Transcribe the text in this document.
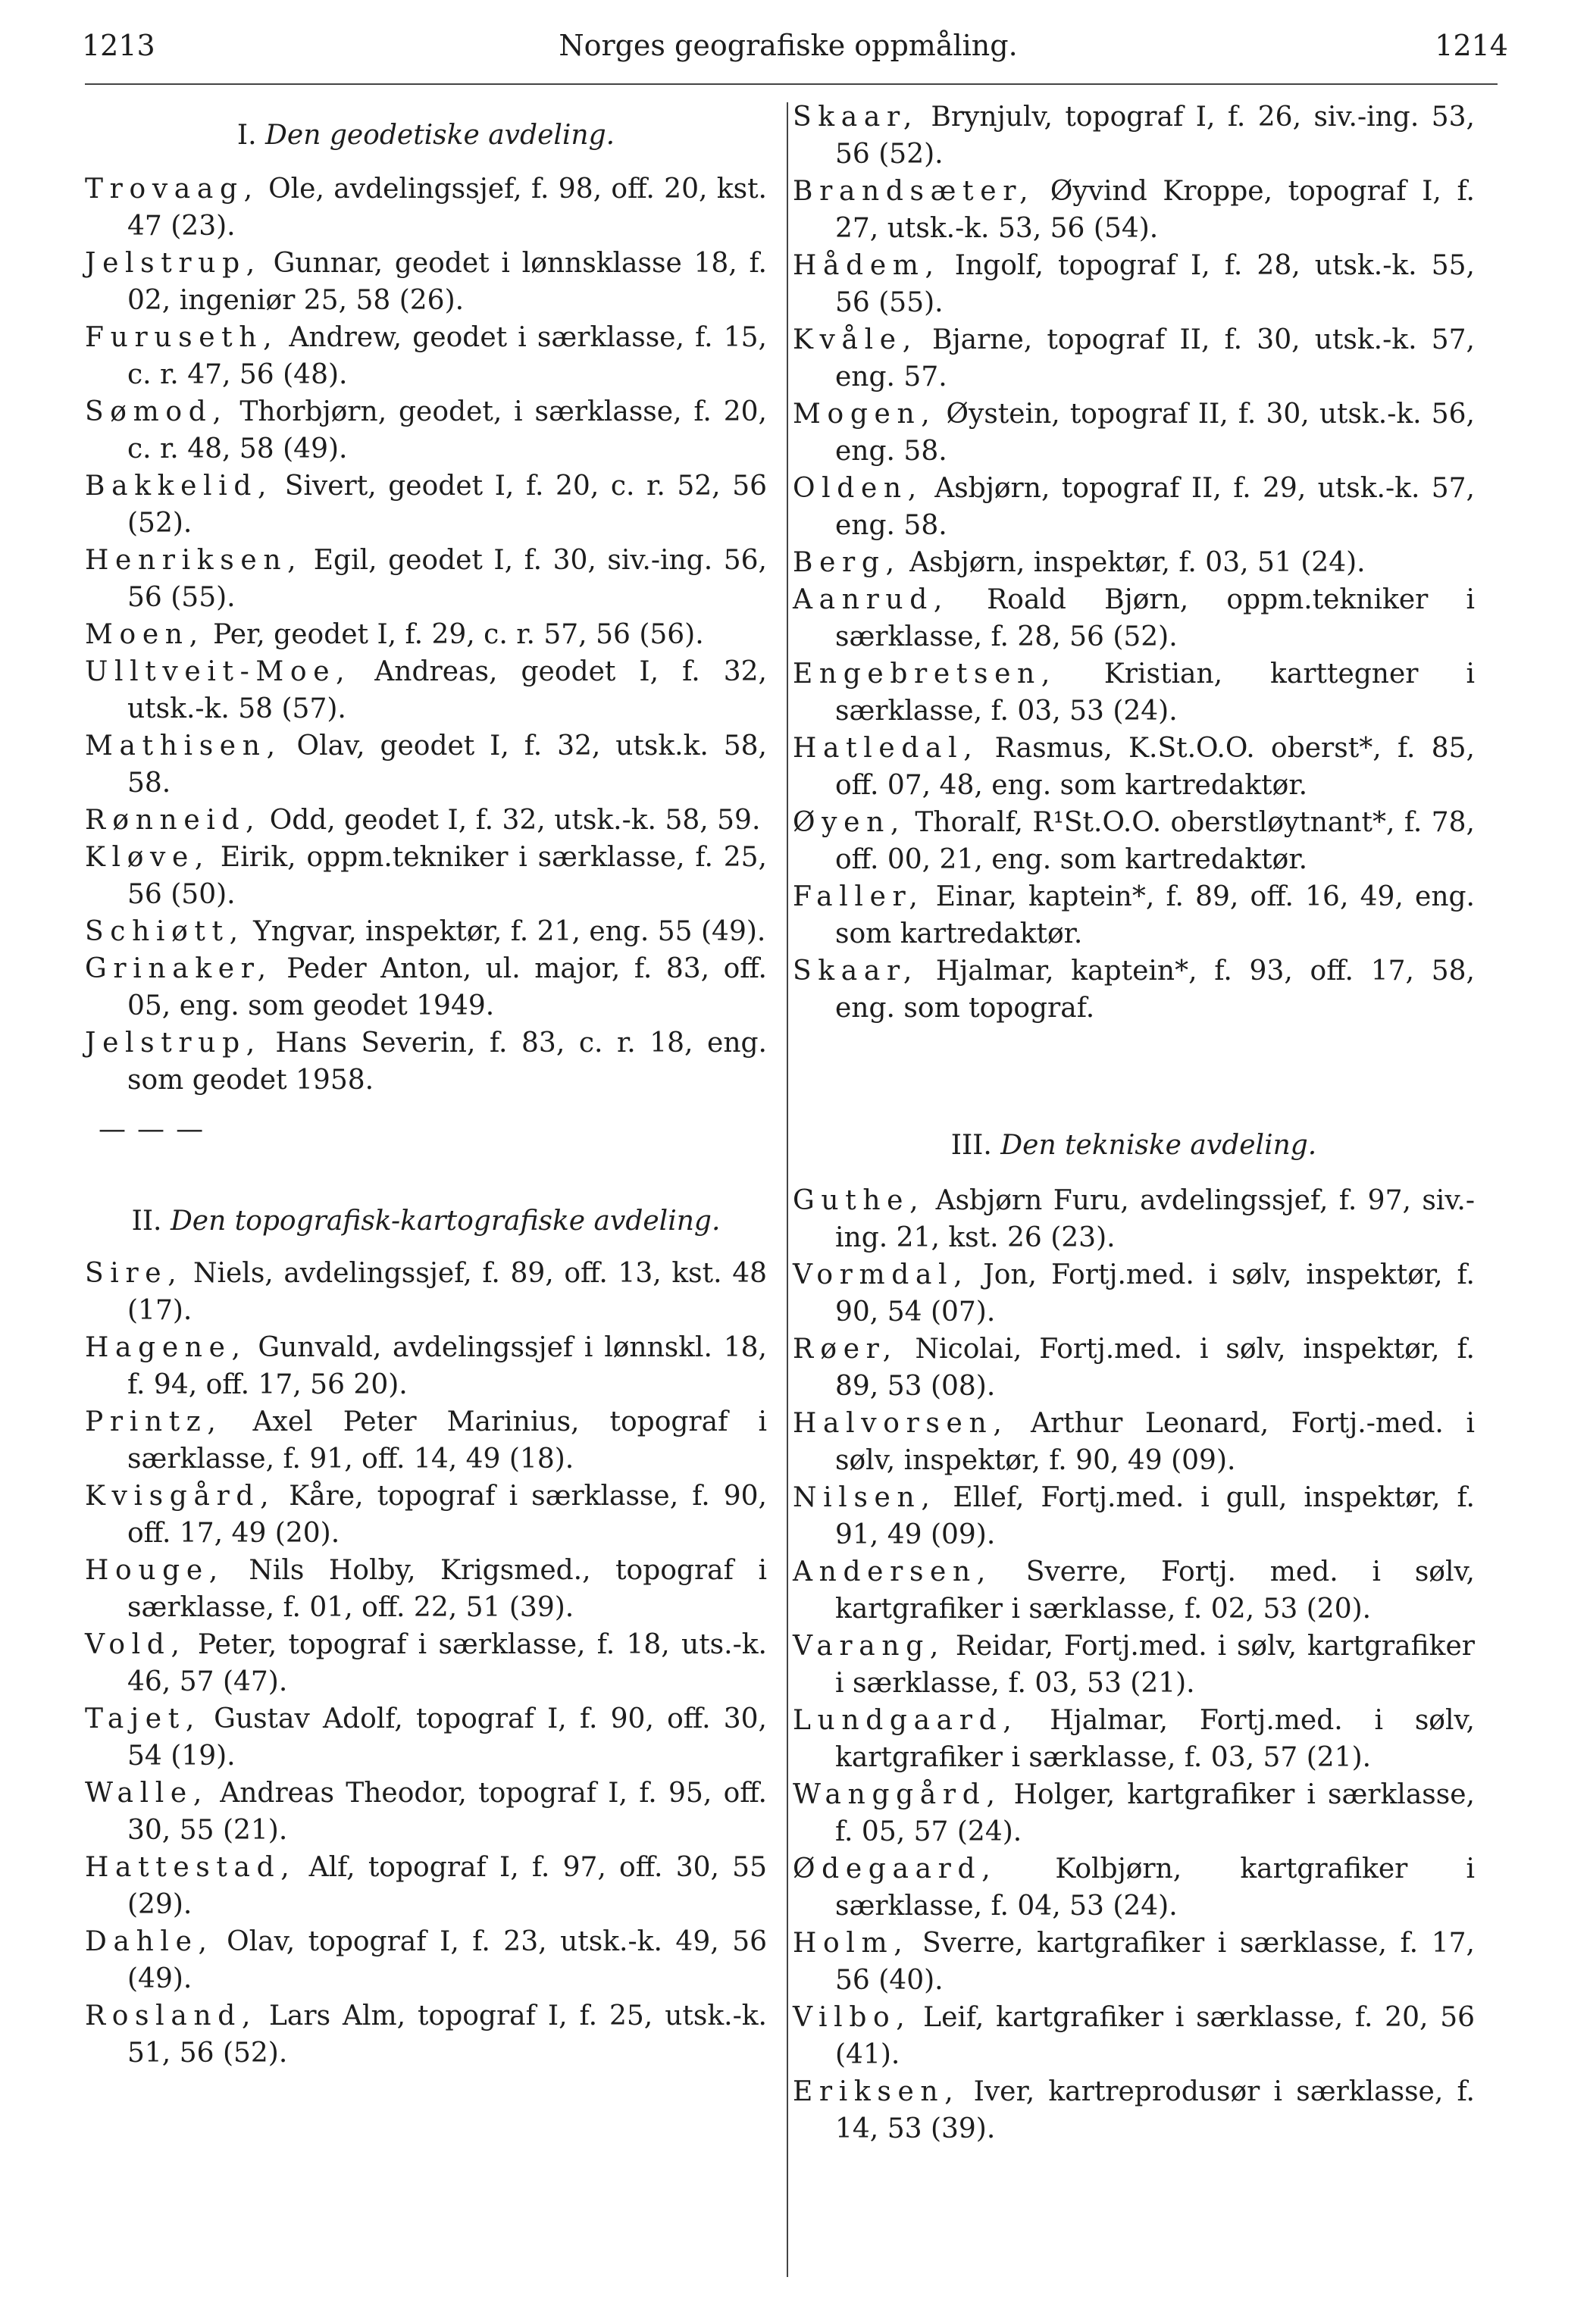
1213	Norges geografiske oppmåling.	1214
I. Den geodetiske avdeling.
Trovaag, Ole, avdelingssjef, f. 98, off. 20, kst. 47 (23).
Jelstrup, Gunnar, geodet i lønnsklasse 18, f. 02, ingeniør 25, 58 (26).
Furuseth, Andrew, geodet i særklasse, f. 15, c. r. 47, 56 (48).
Sømod, Thorbjørn, geodet, i særklasse, f. 20, c. r. 48, 58 (49).
Bakkelid, Sivert, geodet I, f. 20, c. r. 52, 56 (52).
Henriksen, Egil, geodet I, f. 30, siv.-ing. 56, 56 (55).
Moen, Per, geodet I, f. 29, c. r. 57, 56 (56).
Ulltveit-Moe, Andreas, geodet I, f. 32, utsk.-k. 58 (57).
Mathisen, Olav, geodet I, f. 32, utsk.k. 58, 58.
Rønneid, Odd, geodet I, f. 32, utsk.-k. 58, 59.
Kløve, Eirik, oppm.tekniker i særklasse, f. 25, 56 (50).
Schiøtt, Yngvar, inspektør, f. 21, eng. 55 (49).
Grinaker, Peder Anton, ul. major, f. 83, off. 05, eng. som geodet 1949.
Jelstrup, Hans Severin, f. 83, c. r. 18, eng. som geodet 1958.
— — —
II. Den topografisk-kartografiske avdeling.
Sire, Niels, avdelingssjef, f. 89, off. 13, kst. 48 (17).
Hagene, Gunvald, avdelingssjef i lønnskl. 18, f. 94, off. 17, 56 20).
Printz, Axel Peter Marinius, topograf i særklasse, f. 91, off. 14, 49 (18).
Kvisgård, Kåre, topograf i særklasse, f. 90, off. 17, 49 (20).
Houge, Nils Holby, Krigsmed., topograf i særklasse, f. 01, off. 22, 51 (39).
Vold, Peter, topograf i særklasse, f. 18, uts.-k. 46, 57 (47).
Tajet, Gustav Adolf, topograf I, f. 90, off. 30, 54 (19).
Walle, Andreas Theodor, topograf I, f. 95, off. 30, 55 (21).
Hattestad, Alf, topograf I, f. 97, off. 30, 55 (29).
Dahle, Olav, topograf I, f. 23, utsk.-k. 49, 56 (49).
Rosland, Lars Alm, topograf I, f. 25, utsk.-k. 51, 56 (52).
Skaar, Brynjulv, topograf I, f. 26, siv.-ing. 53, 56 (52).
Brandsæter, Øyvind Kroppe, topograf I, f. 27, utsk.-k. 53, 56 (54).
Hådem, Ingolf, topograf I, f. 28, utsk.-k. 55, 56 (55).
Kvåle, Bjarne, topograf II, f. 30, utsk.-k. 57, eng. 57.
Mogen, Øystein, topograf II, f. 30, utsk.-k. 56, eng. 58.
Olden, Asbjørn, topograf II, f. 29, utsk.-k. 57, eng. 58.
Berg, Asbjørn, inspektør, f. 03, 51 (24).
Aanrud, Roald Bjørn, oppm.tekniker i særklasse, f. 28, 56 (52).
Engebretsen, Kristian, karttegner i særklasse, f. 03, 53 (24).
Hatledal, Rasmus, K.St.O.O. oberst*, f. 85, off. 07, 48, eng. som kartredaktør.
Øyen, Thoralf, R¹St.O.O. oberstløytnant*, f. 78, off. 00, 21, eng. som kartredaktør.
Faller, Einar, kaptein*, f. 89, off. 16, 49, eng. som kartredaktør.
Skaar, Hjalmar, kaptein*, f. 93, off. 17, 58, eng. som topograf.
III. Den tekniske avdeling.
Guthe, Asbjørn Furu, avdelingssjef, f. 97, siv.-ing. 21, kst. 26 (23).
Vormdal, Jon, Fortj.med. i sølv, inspektør, f. 90, 54 (07).
Røer, Nicolai, Fortj.med. i sølv, inspektør, f. 89, 53 (08).
Halvorsen, Arthur Leonard, Fortj.-med. i sølv, inspektør, f. 90, 49 (09).
Nilsen, Ellef, Fortj.med. i gull, inspektør, f. 91, 49 (09).
Andersen, Sverre, Fortj. med. i sølv, kartgrafiker i særklasse, f. 02, 53 (20).
Varang, Reidar, Fortj.med. i sølv, kartgrafiker i særklasse, f. 03, 53 (21).
Lundgaard, Hjalmar, Fortj.med. i sølv, kartgrafiker i særklasse, f. 03, 57 (21).
Wanggård, Holger, kartgrafiker i særklasse, f. 05, 57 (24).
Ødegaard, Kolbjørn, kartgrafiker i særklasse, f. 04, 53 (24).
Holm, Sverre, kartgrafiker i særklasse, f. 17, 56 (40).
Vilbo, Leif, kartgrafiker i særklasse, f. 20, 56 (41).
Eriksen, Iver, kartreprodusør i særklasse, f. 14, 53 (39).
